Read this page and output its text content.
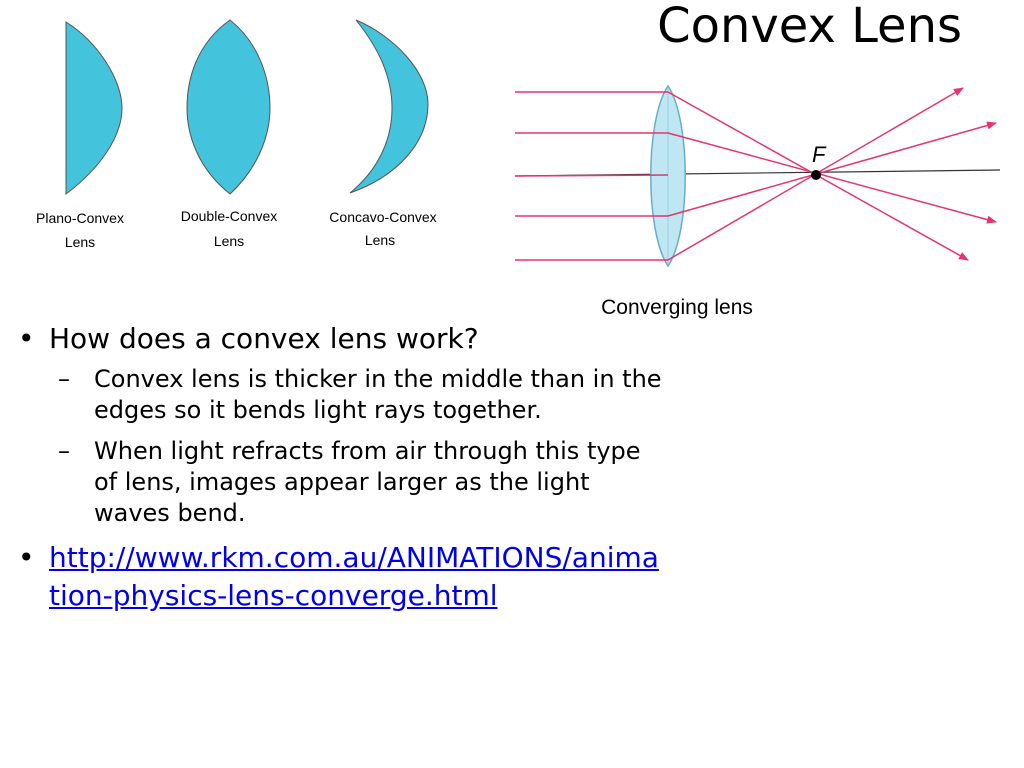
Convex Lens
Plano-Convex
Lens
Double-Convex
Lens
Concavo-Convex
Lens
F
Converging lens
• How does a convex lens work?
– Convex lens is thicker in the middle than in the edges so it bends light rays together.
– When light refracts from air through this type of lens, images appear larger as the light waves bend.
• http://www.rkm.com.au/ANIMATIONS/animation-physics-lens-converge.html
